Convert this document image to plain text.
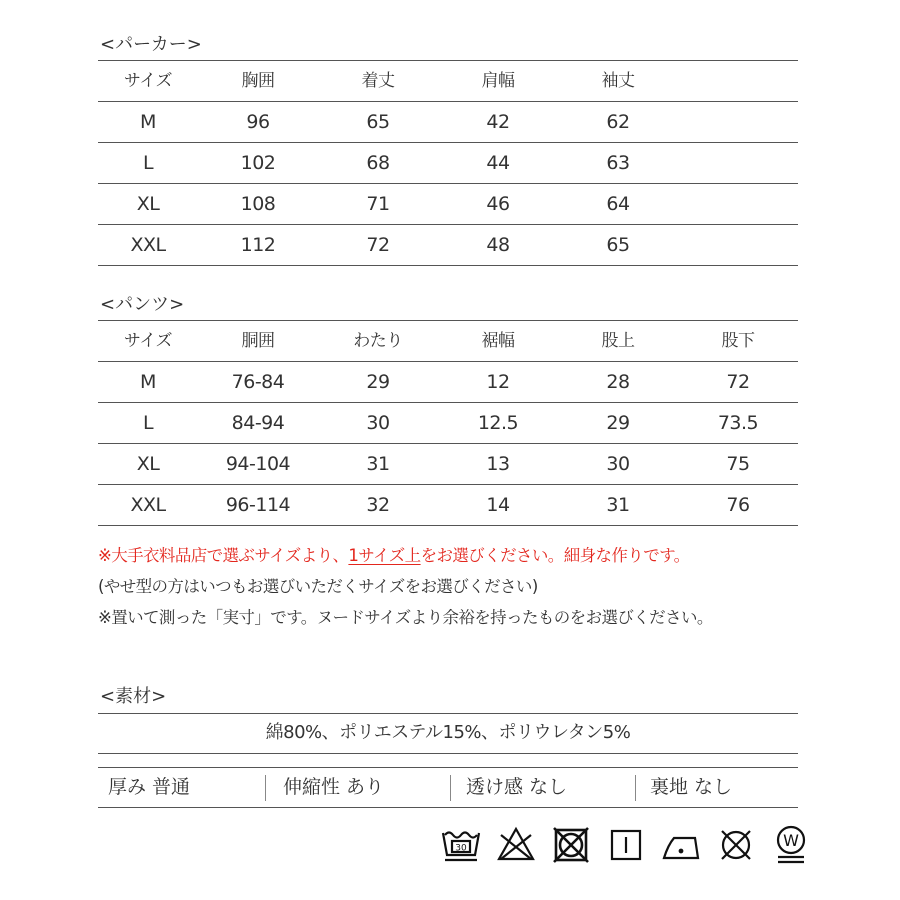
<パーカー>
サイズ	胸囲	着丈	肩幅	袖丈
M	96	65	42	62
L	102	68	44	63
XL	108	71	46	64
XXL	112	72	48	65
<パンツ>
サイズ	胴囲	わたり	裾幅	股上	股下
M	76-84	29	12	28	72
L	84-94	30	12.5	29	73.5
XL	94-104	31	13	30	75
XXL	96-114	32	14	31	76
※大手衣料品店で選ぶサイズより、1サイズ上をお選びください。細身な作りです。
(やせ型の方はいつもお選びいただくサイズをお選びください)
※置いて測った「実寸」です。ヌードサイズより余裕を持ったものをお選びください。
<素材>
綿80%、ポリエステル15%、ポリウレタン5%
厚み 普通	伸縮性 あり	透け感 なし	裏地 なし
30	W
